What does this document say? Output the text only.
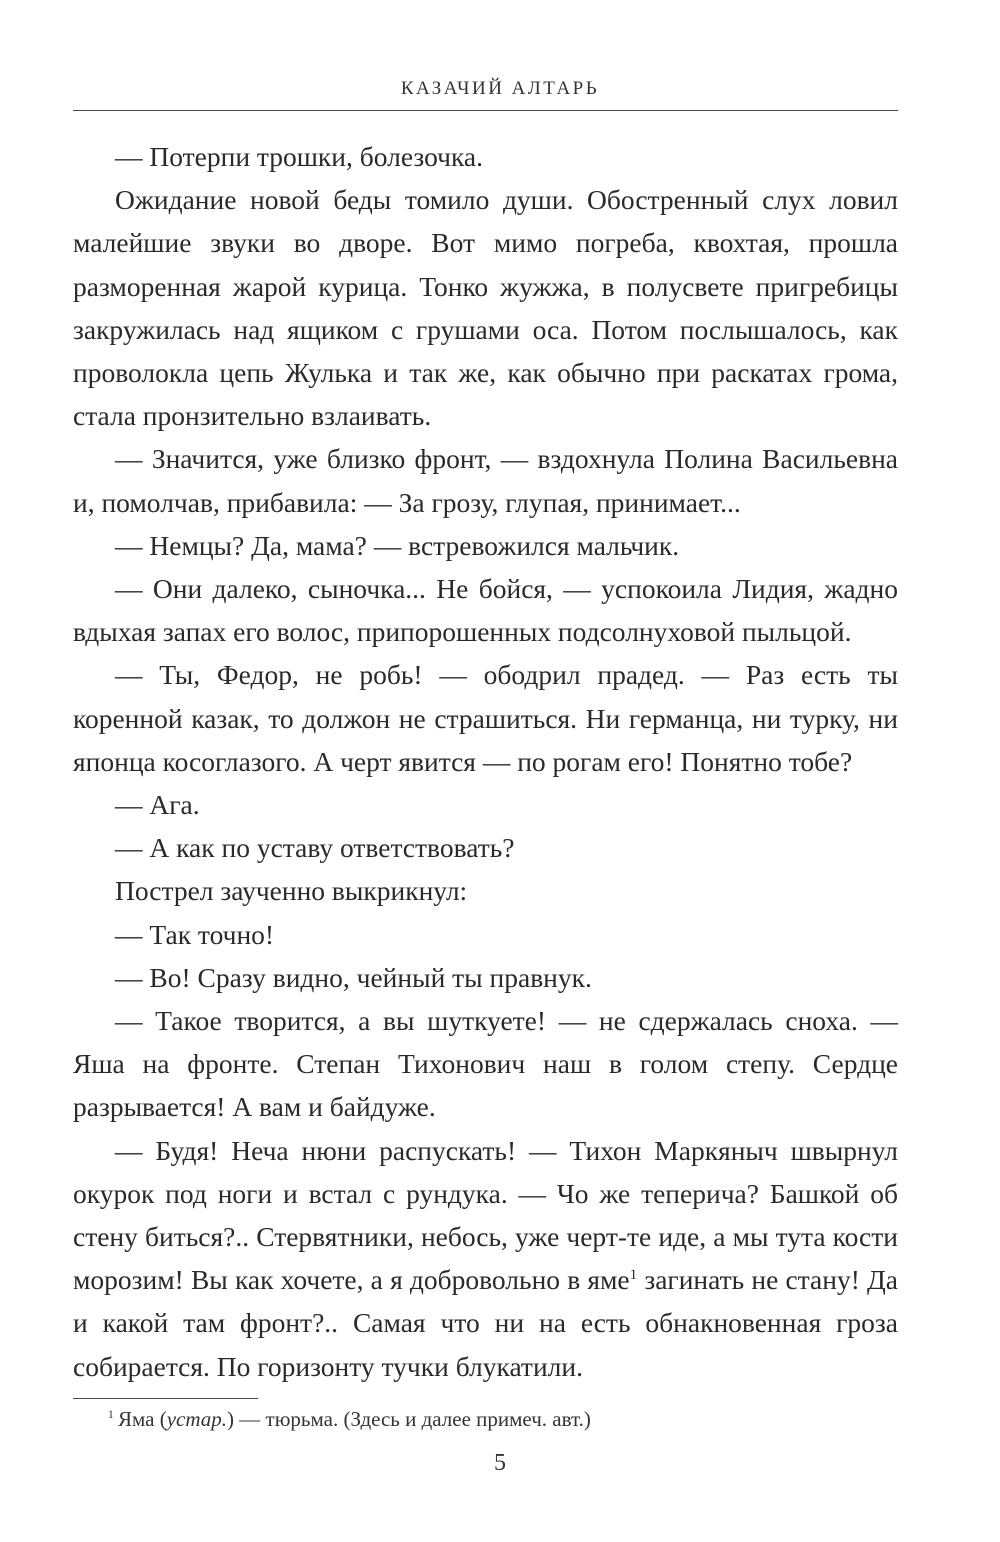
КАЗАЧИЙ АЛТАРЬ

— Потерпи трошки, болезочка.

Ожидание новой беды томило души. Обостренный слух ловил малейшие звуки во дворе. Вот мимо погреба, квохтая, прошла разморенная жарой курица. Тонко жужжа, в полусвете пригребицы закружилась над ящиком с грушами оса. Потом послышалось, как проволокла цепь Жулька и так же, как обычно при раскатах грома, стала пронзительно взлаивать.

— Значится, уже близко фронт, — вздохнула Полина Васильевна и, помолчав, прибавила: — За грозу, глупая, принимает...

— Немцы? Да, мама? — встревожился мальчик.

— Они далеко, сыночка... Не бойся, — успокоила Лидия, жадно вдыхая запах его волос, припорошенных подсолнуховой пыльцой.

— Ты, Федор, не робь! — ободрил прадед. — Раз есть ты коренной казак, то должон не страшиться. Ни германца, ни турку, ни японца косоглазого. А черт явится — по рогам его! Понятно тобе?

— Ага.

— А как по уставу ответствовать?

Пострел заученно выкрикнул:

— Так точно!

— Во! Сразу видно, чейный ты правнук.

— Такое творится, а вы шуткуете! — не сдержалась сноха. — Яша на фронте. Степан Тихонович наш в голом степу. Сердце разрывается! А вам и байдуже.

— Будя! Неча нюни распускать! — Тихон Маркяныч швырнул окурок под ноги и встал с рундука. — Чо же теперича? Башкой об стену биться?.. Стервятники, небось, уже черт-те иде, а мы тута кости морозим! Вы как хочете, а я добровольно в яме$^1$ загинать не стану! Да и какой там фронт?.. Самая что ни на есть обнакновенная гроза собирается. По горизонту тучки блукатили.

$^1$  Яма (устар.) — тюрьма. (Здесь и далее примеч. авт.)
5
